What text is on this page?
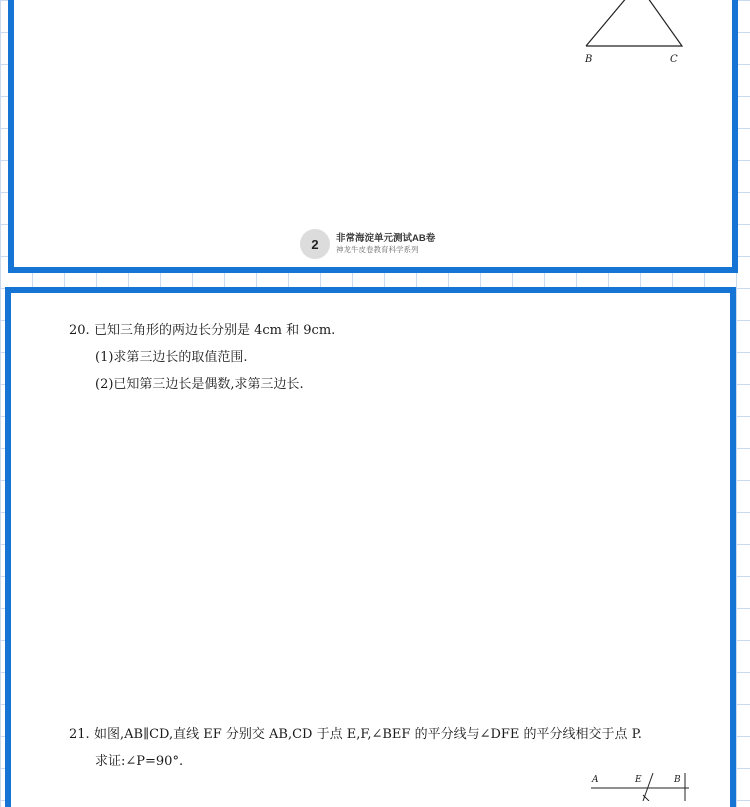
B	C
2	非常海淀单元测试AB卷
神龙牛皮卷教育科学系列
20. 已知三角形的两边长分别是 4cm 和 9cm.
(1)求第三边长的取值范围.
(2)已知第三边长是偶数,求第三边长.
21. 如图,AB∥CD,直线 EF 分别交 AB,CD 于点 E,F,∠BEF 的平分线与∠DFE 的平分线相交于点 P.
求证:∠P=90°.
A	E	B
